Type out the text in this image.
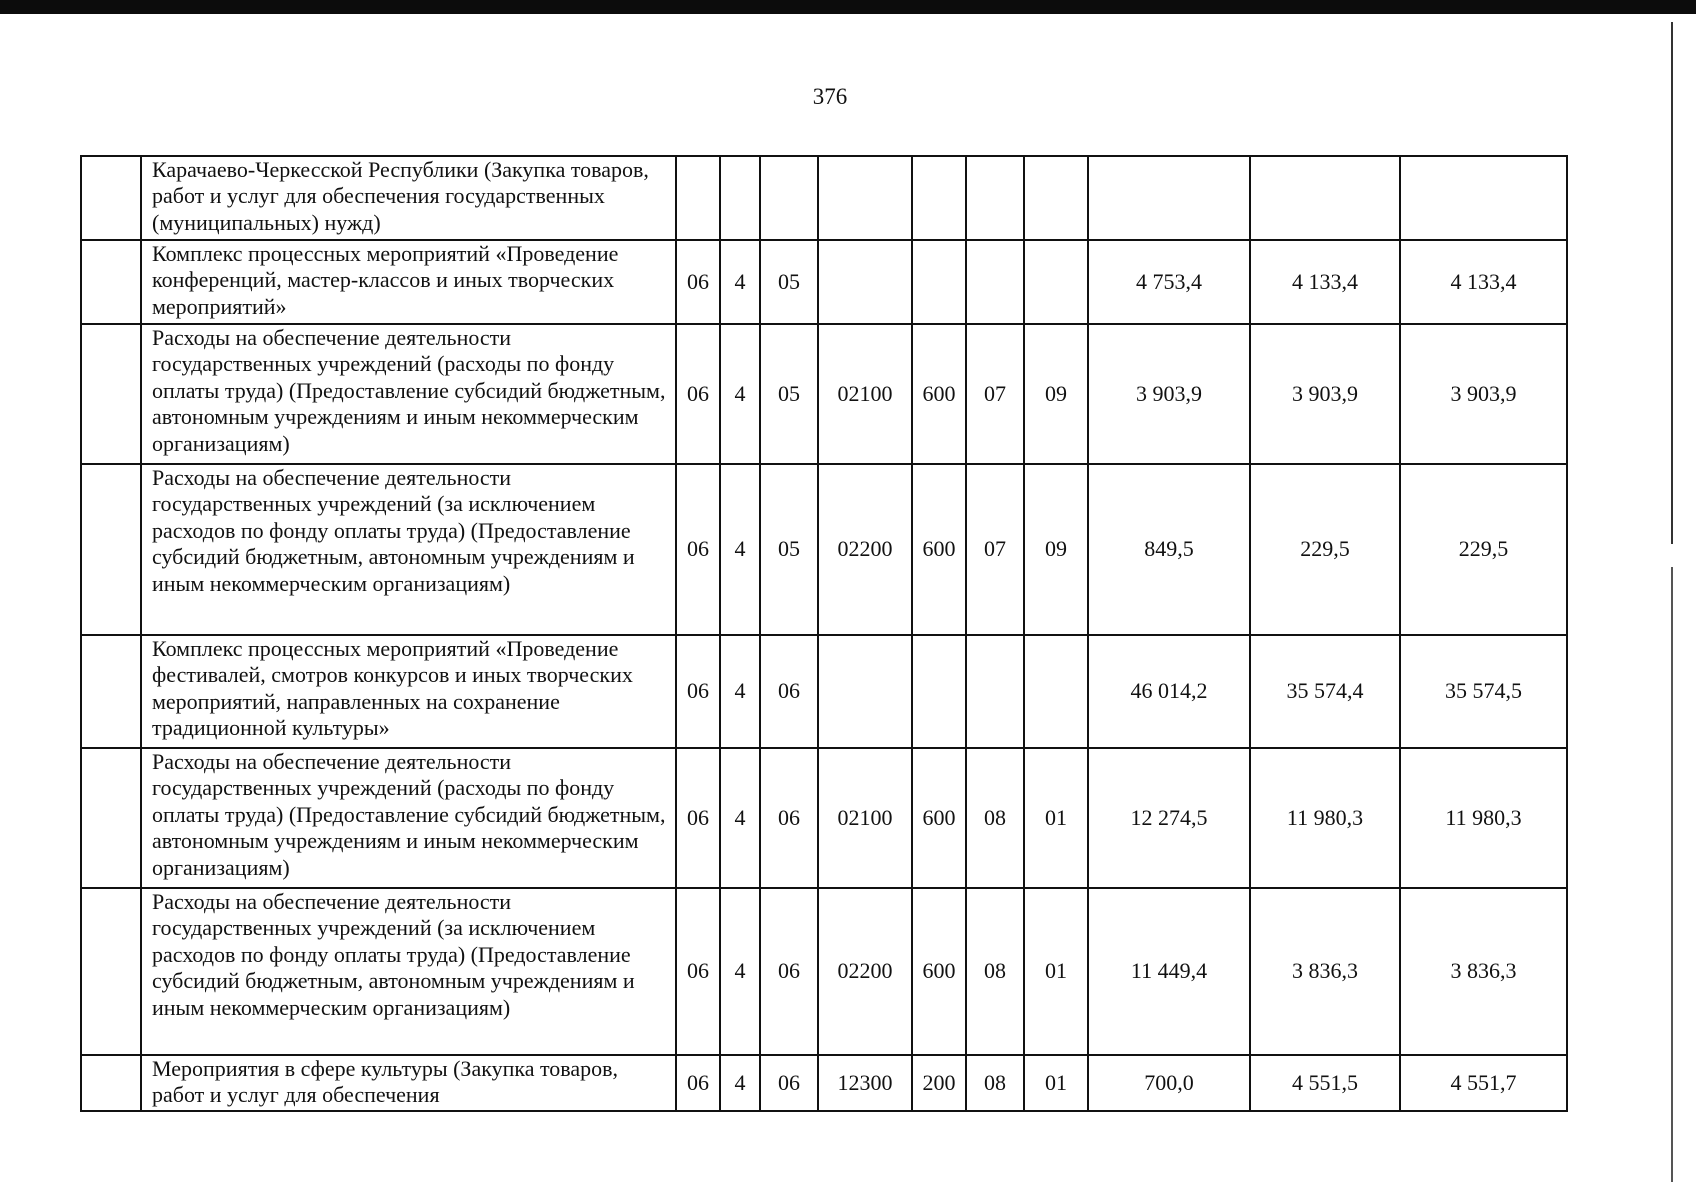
376
	Карачаево-Черкесской Республики (Закупка товаров, работ и услуг для обеспечения государственных (муниципальных) нужд)										
	Комплекс процессных мероприятий «Проведение конференций, мастер-классов и иных творческих мероприятий»	06	4	05					4 753,4	4 133,4	4 133,4
	Расходы на обеспечение деятельности государственных учреждений (расходы по фонду оплаты труда) (Предоставление субсидий бюджетным, автономным учреждениям и иным некоммерческим организациям)	06	4	05	02100	600	07	09	3 903,9	3 903,9	3 903,9
	Расходы на обеспечение деятельности государственных учреждений (за исключением расходов по фонду оплаты труда) (Предоставление субсидий бюджетным, автономным учреждениям и иным некоммерческим организациям)	06	4	05	02200	600	07	09	849,5	229,5	229,5
	Комплекс процессных мероприятий «Проведение фестивалей, смотров конкурсов и иных творческих мероприятий, направленных на сохранение традиционной культуры»	06	4	06					46 014,2	35 574,4	35 574,5
	Расходы на обеспечение деятельности государственных учреждений (расходы по фонду оплаты труда) (Предоставление субсидий бюджетным, автономным учреждениям и иным некоммерческим организациям)	06	4	06	02100	600	08	01	12 274,5	11 980,3	11 980,3
	Расходы на обеспечение деятельности государственных учреждений (за исключением расходов по фонду оплаты труда) (Предоставление субсидий бюджетным, автономным учреждениям и иным некоммерческим организациям)	06	4	06	02200	600	08	01	11 449,4	3 836,3	3 836,3
	Мероприятия в сфере культуры (Закупка товаров, работ и услуг для обеспечения	06	4	06	12300	200	08	01	700,0	4 551,5	4 551,7
